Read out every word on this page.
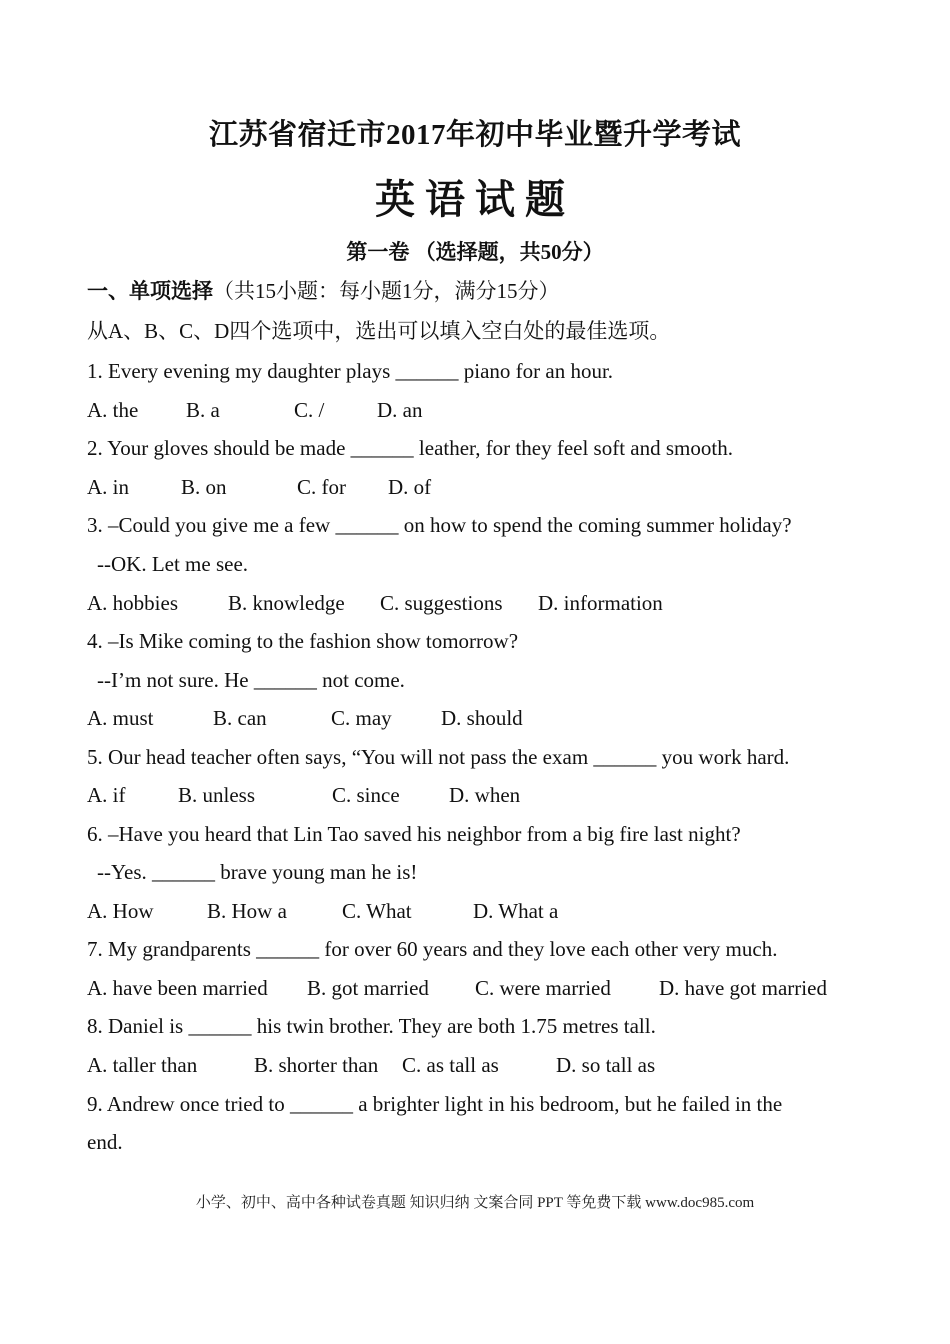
江苏省宿迁市2017年初中毕业暨升学考试
英语试题
第一卷 （选择题，共50分）
一、单项选择（共15小题：每小题1分，满分15分）
从A、B、C、D四个选项中，选出可以填入空白处的最佳选项。
1. Every evening my daughter plays ______ piano for an hour.
A. the B. a	C. /	D. an
2. Your gloves should be made ______ leather, for they feel soft and smooth.
A. in B. on	C. for D. of
3. –Could you give me a few ______ on how to spend the coming summer holiday?
--OK. Let me see.
A. hobbies B. knowledge C. suggestions D. information
4. –Is Mike coming to the fashion show tomorrow?
--I’m not sure. He ______ not come.
A. must	B. can	C. may D. should
5. Our head teacher often says, “You will not pass the exam ______ you work hard.
A. if	B. unless	C. since D. when
6. –Have you heard that Lin Tao saved his neighbor from a big fire last night?
--Yes. ______ brave young man he is!
A. How	B. How a	C. What	D. What a
7. My grandparents ______ for over 60 years and they love each other very much.
A. have been married B. got married C. were married D. have got married
8. Daniel is ______ his twin brother. They are both 1.75 metres tall.
A. taller than	B. shorter than C. as tall as	D. so tall as
9. Andrew once tried to ______ a brighter light in his bedroom, but he failed in the
end.
小学、初中、高中各种试卷真题 知识归纳 文案合同 PPT 等免费下载 www.doc985.com
